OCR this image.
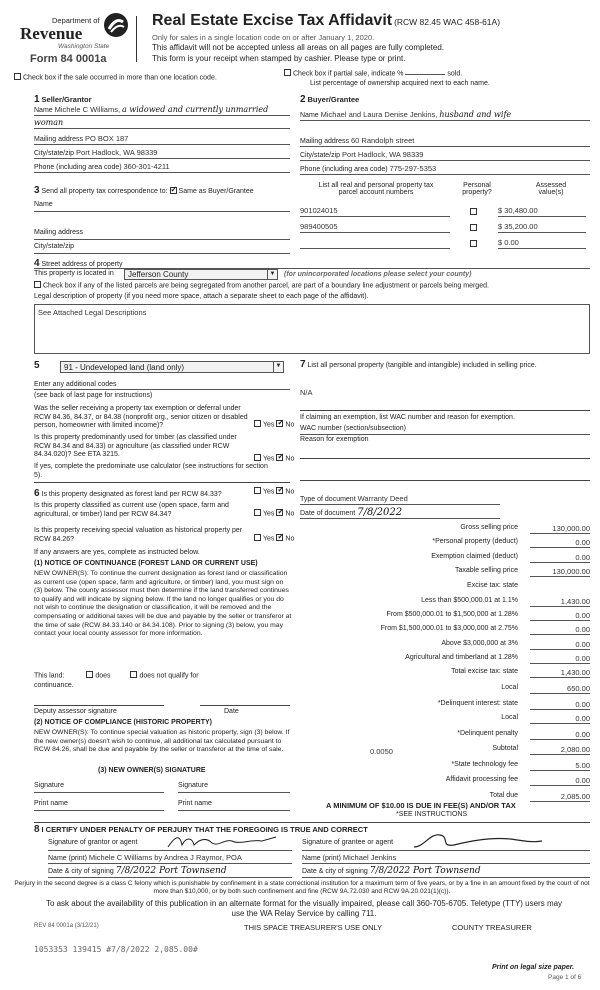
Department of
Revenue
Washington State
Form 84 0001a
Real Estate Excise Tax Affidavit (RCW 82.45 WAC 458-61A)
Only for sales in a single location code on or after January 1, 2020.
This affidavit will not be accepted unless all areas on all pages are fully completed.
This form is your receipt when stamped by cashier. Please type or print.
Check box if the sale occurred in more than one location code.
Check box if partial sale, indicate %	sold.
List percentage of ownership acquired next to each name.
1 Seller/Grantor
Name Michele C Williams, a widowed and currently unmarried
woman
Mailing address PO BOX 187
City/state/zip Port Hadlock, WA 98339
Phone (including area code) 360-301-4211
2 Buyer/Grantee
Name Michael and Laura Denise Jenkins, husband and wife
Mailing address 60 Randolph street
City/state/zip Port Hadlock, WA 98339
Phone (including area code) 775-297-5353
3 Send all property tax correspondence to: ✓ Same as Buyer/Grantee
Name
Mailing address
City/state/zip
List all real and personal property tax
parcel account numbers
Personal
property?
Assessed
value(s)
901024015	$ 30,480.00
989400505	$ 35,200.00
$ 0.00
4 Street address of property
This property is located in	Jefferson County	▼ (for unincorporated locations please select your county)
Check box if any of the listed parcels are being segregated from another parcel, are part of a boundary line adjustment or parcels being merged.
Legal description of property (if you need more space, attach a separate sheet to each page of the affidavit).
See Attached Legal Descriptions
5	91 - Undeveloped land (land only)	▼
Enter any additional codes
(see back of last page for instructions)
Was the seller receiving a property tax exemption or deferral under RCW 84.36, 84.37, or 84.38 (nonprofit org., senior citizen or disabled person, homeowner with limited income)?	Yes ✓ No
Is this property predominantly used for timber (as classified under RCW 84.34 and 84.33) or agriculture (as classified under RCW 84.34.020)? See ETA 3215.
Yes ✓ No
If yes, complete the predominate use calculator (see instructions for section 5).
6 Is this property designated as forest land per RCW 84.33?	Yes ✓ No
Is this property classified as current use (open space, farm and agricultural, or timber) land per RCW 84.34?	Yes ✓ No
Is this property receiving special valuation as historical property per RCW 84.26?	Yes ✓ No
If any answers are yes, complete as instructed below.
(1) NOTICE OF CONTINUANCE (FOREST LAND OR CURRENT USE)
NEW OWNER(S): To continue the current designation as forest land or classification as current use (open space, farm and agriculture, or timber) land, you must sign on (3) below. The county assessor must then determine if the land transferred continues to qualify and will indicate by signing below. If the land no longer qualifies or you do not wish to continue the designation or classification, it will be removed and the compensating or additional taxes will be due and payable by the seller or transferor at the time of sale (RCW 84.33.140 or 84.34.108). Prior to signing (3) below, you may contact your local county assessor for more information.
This land:	does	does not qualify for
continuance.
Deputy assessor signature	Date
(2) NOTICE OF COMPLIANCE (HISTORIC PROPERTY)
NEW OWNER(S): To continue special valuation as historic property, sign (3) below. If the new owner(s) doesn't wish to continue, all additional tax calculated pursuant to RCW 84.26, shall be due and payable by the seller or transferor at the time of sale.
(3) NEW OWNER(S) SIGNATURE
Signature	Signature
Print name	Print name
7 List all personal property (tangible and intangible) included in selling price.
N/A
If claiming an exemption, list WAC number and reason for exemption.
WAC number (section/subsection)
Reason for exemption
Type of document Warranty Deed
Date of document 7/8/2022
Gross selling price	130,000.00
*Personal property (deduct)	0.00
Exemption claimed (deduct)	0.00
Taxable selling price	130,000.00
Excise tax: state
Less than $500,000.01 at 1.1%	1,430.00
From $500,000.01 to $1,500,000 at 1.28%	0.00
From $1,500,000.01 to $3,000,000 at 2.75%	0.00
Above $3,000,000 at 3%	0.00
Agricultural and timberland at 1.28%	0.00
Total excise tax: state	1,430.00
Local	650.00
*Delinquent interest: state	0.00
Local	0.00
*Delinquent penalty	0.00
Subtotal	2,080.00
*State technology fee	5.00
Affidavit processing fee	0.00
Total due	2,085.00
0.0050
A MINIMUM OF $10.00 IS DUE IN FEE(S) AND/OR TAX
*SEE INSTRUCTIONS
8 I CERTIFY UNDER PENALTY OF PERJURY THAT THE FOREGOING IS TRUE AND CORRECT
Signature of grantor or agent
Name (print) Michele C Williams by Andrea J Raymor, POA
Date & city of signing 7/8/2022 Port Townsend
Signature of grantee or agent
Name (print) Michael Jenkins
Date & city of signing 7/8/2022 Port Townsend
Perjury in the second degree is a class C felony which is punishable by confinement in a state correctional institution for a maximum term of five years, or by a fine in an amount fixed by the court of not more than $10,000, or by both such confinement and fine (RCW 9A.72.030 and RCW 9A.20.021(1)(c)).
To ask about the availability of this publication in an alternate format for the visually impaired, please call 360-705-6705. Teletype (TTY) users may use the WA Relay Service by calling 711.
REV 84 0001a (3/12/21)	THIS SPACE TREASURER'S USE ONLY	COUNTY TREASURER
1053353 139415 #7/8/2022 2,085.00#
Print on legal size paper.
Page 1 of 6
